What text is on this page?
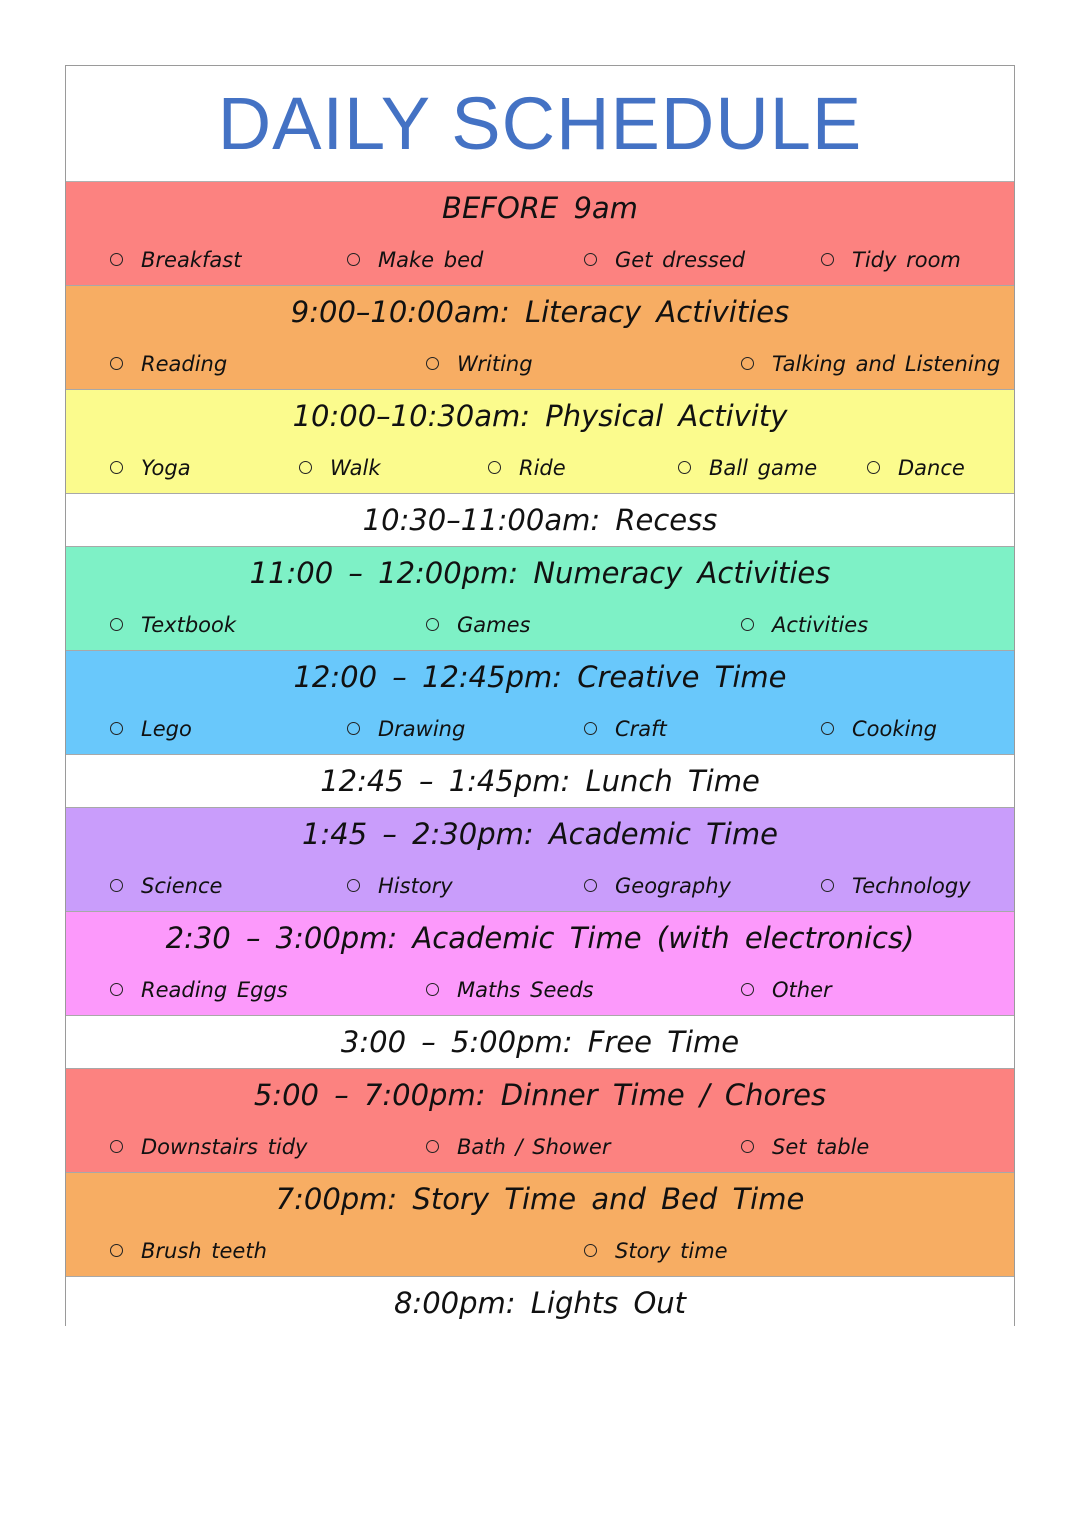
DAILY SCHEDULE
BEFORE 9am
Breakfast	Make bed	Get dressed	Tidy room
9:00–10:00am: Literacy Activities
Reading	Writing	Talking and Listening
10:00–10:30am: Physical Activity
Yoga	Walk	Ride	Ball game	Dance
10:30–11:00am: Recess
11:00 – 12:00pm: Numeracy Activities
Textbook	Games	Activities
12:00 – 12:45pm: Creative Time
Lego	Drawing	Craft	Cooking
12:45 – 1:45pm: Lunch Time
1:45 – 2:30pm: Academic Time
Science	History	Geography	Technology
2:30 – 3:00pm: Academic Time (with electronics)
Reading Eggs	Maths Seeds	Other
3:00 – 5:00pm: Free Time
5:00 – 7:00pm: Dinner Time / Chores
Downstairs tidy	Bath / Shower	Set table
7:00pm: Story Time and Bed Time
Brush teeth	Story time
8:00pm: Lights Out
